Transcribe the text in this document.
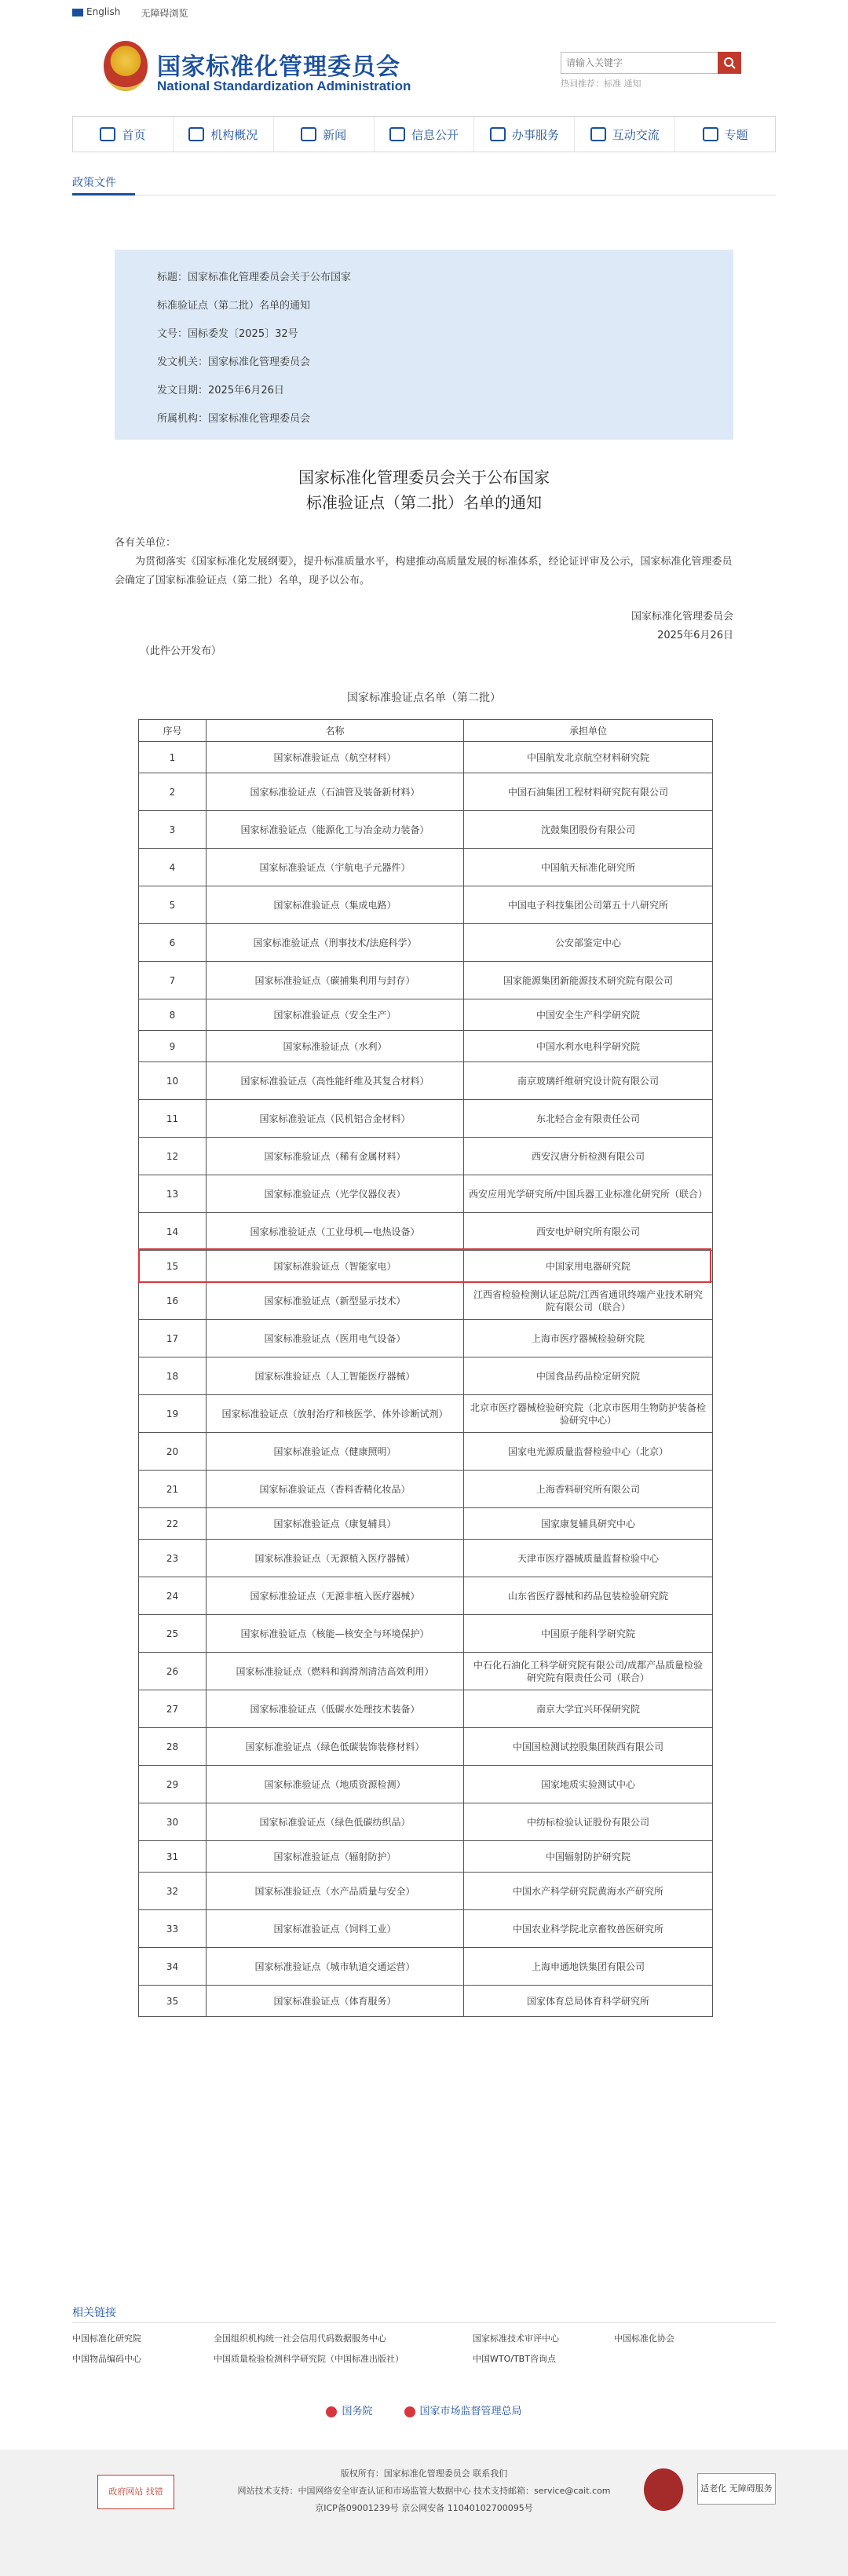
English 无障碍浏览
国家标准化管理委员会
National Standardization Administration
请输入关键字	热词推荐：标准 通知
首页	机构概况	新闻	信息公开	办事服务	互动交流	专题
政策文件
标题： 国家标准化管理委员会关于公布国家
标准验证点（第二批）名单的通知
文号： 国标委发〔2025〕32号
发文机关： 国家标准化管理委员会
发文日期： 2025年6月26日
所属机构： 国家标准化管理委员会
国家标准化管理委员会关于公布国家
标准验证点（第二批）名单的通知

各有关单位：

为贯彻落实《国家标准化发展纲要》，提升标准质量水平，构建推动高质量发展的标准体系，经论证评审及公示，国家标准化管理委员会确定了国家标准验证点（第二批）名单，现予以公布。

国家标准化管理委员会
2025年6月26日
（此件公开发布）
国家标准验证点名单（第二批）
序号	名称	承担单位
1	国家标准验证点（航空材料）	中国航发北京航空材料研究院
2	国家标准验证点（石油管及装备新材料）	中国石油集团工程材料研究院有限公司
3	国家标准验证点（能源化工与冶金动力装备）	沈鼓集团股份有限公司
4	国家标准验证点（宇航电子元器件）	中国航天标准化研究所
5	国家标准验证点（集成电路）	中国电子科技集团公司第五十八研究所
6	国家标准验证点（刑事技术/法庭科学）	公安部鉴定中心
7	国家标准验证点（碳捕集利用与封存）	国家能源集团新能源技术研究院有限公司
8	国家标准验证点（安全生产）	中国安全生产科学研究院
9	国家标准验证点（水利）	中国水利水电科学研究院
10	国家标准验证点（高性能纤维及其复合材料）	南京玻璃纤维研究设计院有限公司
11	国家标准验证点（民机铝合金材料）	东北轻合金有限责任公司
12	国家标准验证点（稀有金属材料）	西安汉唐分析检测有限公司
13	国家标准验证点（光学仪器仪表）	西安应用光学研究所/中国兵器工业标准化研究所（联合）
14	国家标准验证点（工业母机—电热设备）	西安电炉研究所有限公司
15	国家标准验证点（智能家电）	中国家用电器研究院
16	国家标准验证点（新型显示技术）	江西省检验检测认证总院/江西省通讯终端产业技术研究院有限公司（联合）
17	国家标准验证点（医用电气设备）	上海市医疗器械检验研究院
18	国家标准验证点（人工智能医疗器械）	中国食品药品检定研究院
19	国家标准验证点（放射治疗和核医学、体外诊断试剂）	北京市医疗器械检验研究院（北京市医用生物防护装备检验研究中心）
20	国家标准验证点（健康照明）	国家电光源质量监督检验中心（北京）
21	国家标准验证点（香料香精化妆品）	上海香料研究所有限公司
22	国家标准验证点（康复辅具）	国家康复辅具研究中心
23	国家标准验证点（无源植入医疗器械）	天津市医疗器械质量监督检验中心
24	国家标准验证点（无源非植入医疗器械）	山东省医疗器械和药品包装检验研究院
25	国家标准验证点（核能—核安全与环境保护）	中国原子能科学研究院
26	国家标准验证点（燃料和润滑剂清洁高效利用）	中石化石油化工科学研究院有限公司/成都产品质量检验研究院有限责任公司（联合）
27	国家标准验证点（低碳水处理技术装备）	南京大学宜兴环保研究院
28	国家标准验证点（绿色低碳装饰装修材料）	中国国检测试控股集团陕西有限公司
29	国家标准验证点（地质资源检测）	国家地质实验测试中心
30	国家标准验证点（绿色低碳纺织品）	中纺标检验认证股份有限公司
31	国家标准验证点（辐射防护）	中国辐射防护研究院
32	国家标准验证点（水产品质量与安全）	中国水产科学研究院黄海水产研究所
33	国家标准验证点（饲料工业）	中国农业科学院北京畜牧兽医研究所
34	国家标准验证点（城市轨道交通运营）	上海申通地铁集团有限公司
35	国家标准验证点（体育服务）	国家体育总局体育科学研究所
相关链接
中国标准化研究院	全国组织机构统一社会信用代码数据服务中心	国家标准技术审评中心	中国标准化协会
中国物品编码中心	中国质量检验检测科学研究院（中国标准出版社）	中国WTO/TBT咨询点
国务院	国家市场监督管理总局
政府网站 找错
版权所有：国家标准化管理委员会 联系我们
网站技术支持：中国网络安全审查认证和市场监管大数据中心 技术支持邮箱：service@cait.com
京ICP备09001239号 京公网安备 11040102700095号
适老化 无障碍服务
